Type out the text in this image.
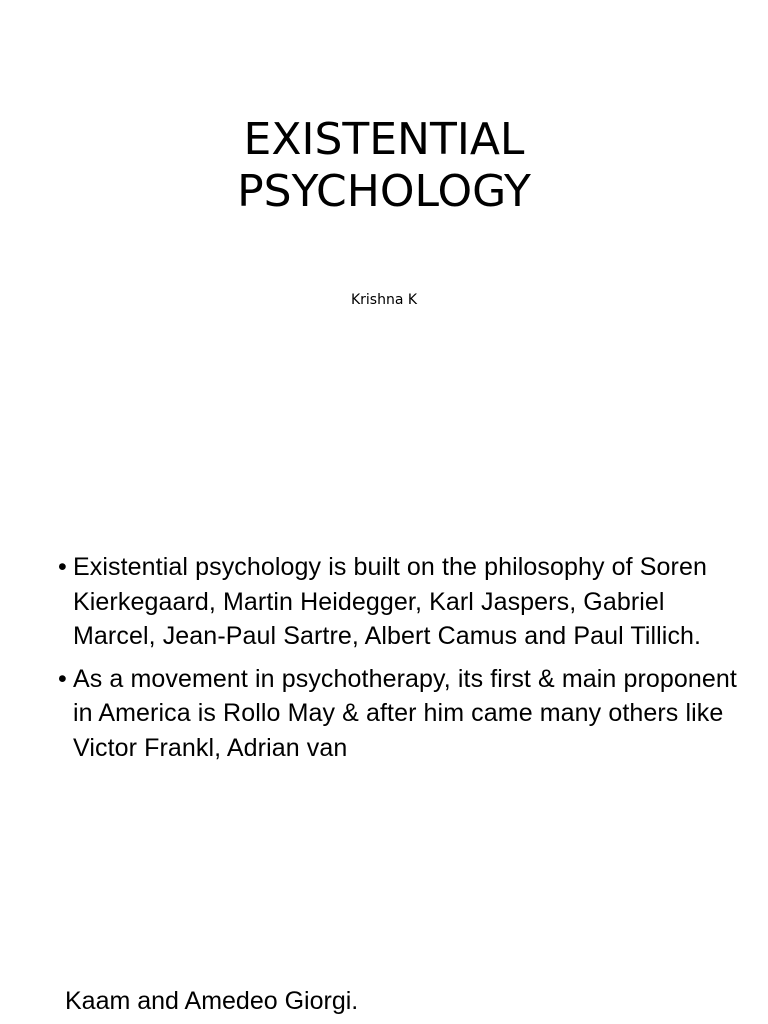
EXISTENTIAL
PSYCHOLOGY
Krishna K
• Existential psychology is built on the philosophy of Soren Kierkegaard, Martin Heidegger, Karl Jaspers, Gabriel Marcel, Jean-Paul Sartre, Albert Camus and Paul Tillich.
• As a movement in psychotherapy, its first & main proponent in America is Rollo May & after him came many others like Victor Frankl, Adrian van
Kaam and Amedeo Giorgi.
